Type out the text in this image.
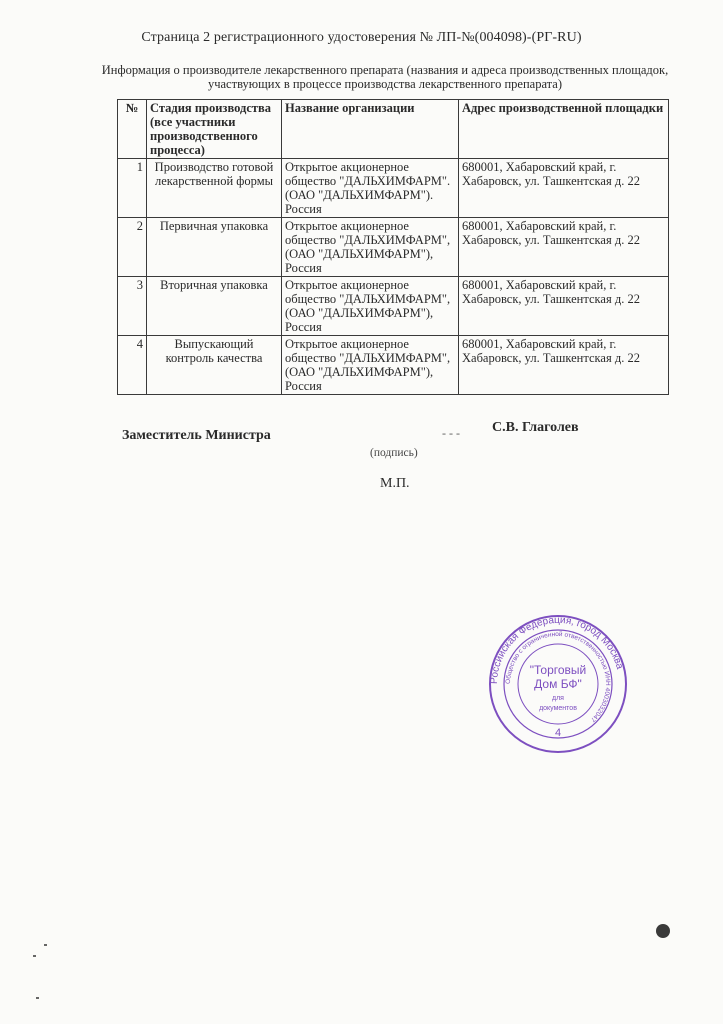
Страница 2 регистрационного удостоверения № ЛП-№(004098)-(РГ-RU)
Информация о производителе лекарственного препарата (названия и адреса производственных площадок, участвующих в процессе производства лекарственного препарата)
№	Стадия производства (все участники производственного процесса)	Название организации	Адрес производственной площадки
1	Производство готовой лекарственной формы	Открытое акционерное общество "ДАЛЬХИМФАРМ". (ОАО "ДАЛЬХИМФАРМ"). Россия	680001, Хабаровский край, г. Хабаровск, ул. Ташкентская д. 22
2	Первичная упаковка	Открытое акционерное общество "ДАЛЬХИМФАРМ", (ОАО "ДАЛЬХИМФАРМ"), Россия	680001, Хабаровский край, г. Хабаровск, ул. Ташкентская д. 22
3	Вторичная упаковка	Открытое акционерное общество "ДАЛЬХИМФАРМ", (ОАО "ДАЛЬХИМФАРМ"), Россия	680001, Хабаровский край, г. Хабаровск, ул. Ташкентская д. 22
4	Выпускающий контроль качества	Открытое акционерное общество "ДАЛЬХИМФАРМ", (ОАО "ДАЛЬХИМФАРМ"), Россия	680001, Хабаровский край, г. Хабаровск, ул. Ташкентская д. 22
Заместитель Министра	- - - С.В. Глаголев
(подпись)
М.П.
Российская Федерация, город Москва
Общество с ограниченной ответственностью ИНН 4003032047
"Торговый
Дом БФ"
для
документов
4
